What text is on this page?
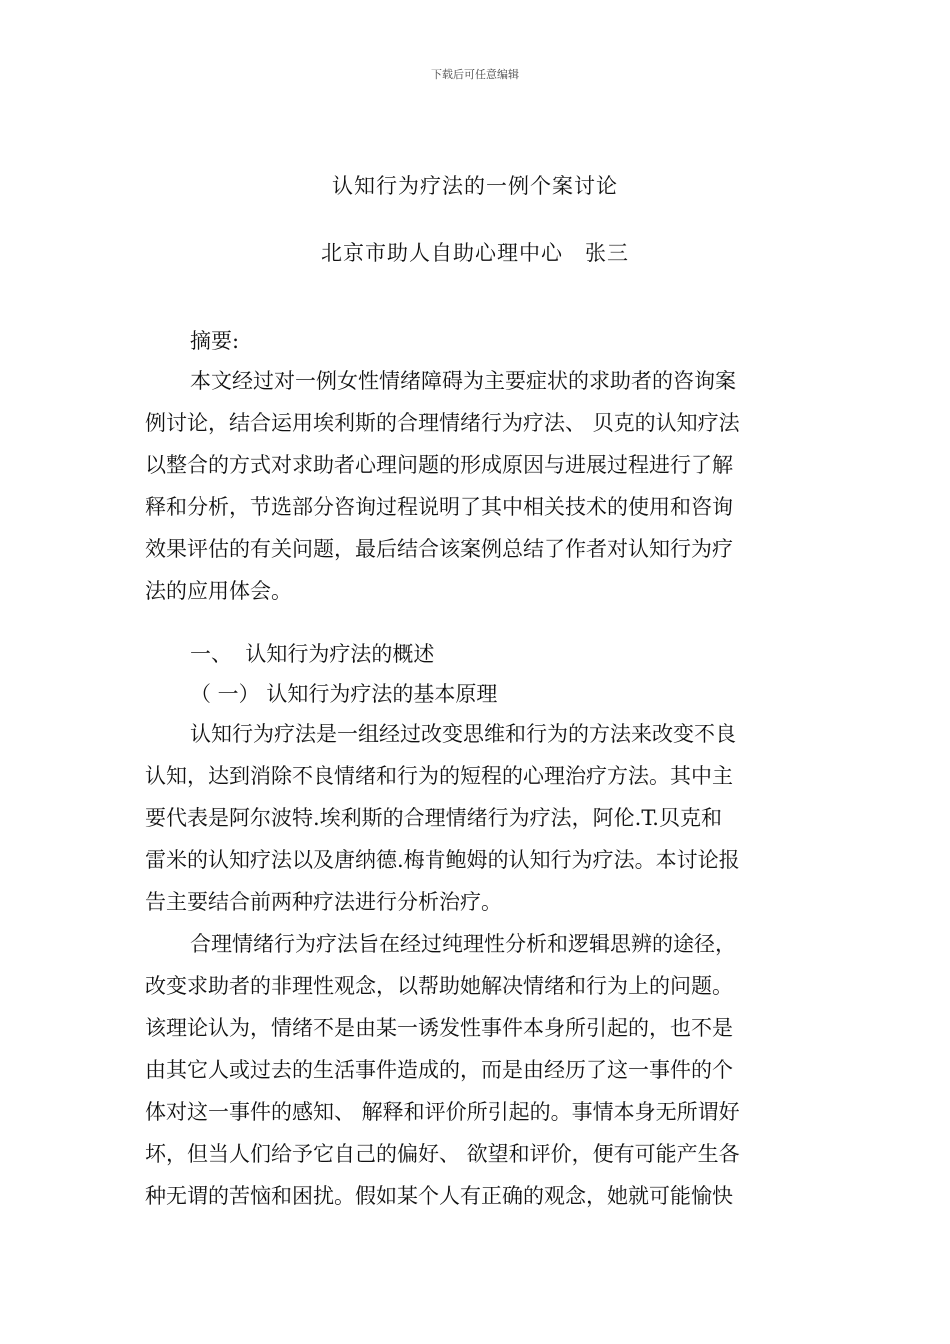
下载后可任意编辑
认知行为疗法的一例个案讨论
北京市助人自助心理中心　张三
摘要:
本文经过对一例女性情绪障碍为主要症状的求助者的咨询案
例讨论，结合运用埃利斯的合理情绪行为疗法、 贝克的认知疗法
以整合的方式对求助者心理问题的形成原因与进展过程进行了解
释和分析，节选部分咨询过程说明了其中相关技术的使用和咨询
效果评估的有关问题，最后结合该案例总结了作者对认知行为疗
法的应用体会。
一、  认知行为疗法的概述
（ 一） 认知行为疗法的基本原理
认知行为疗法是一组经过改变思维和行为的方法来改变不良
认知，达到消除不良情绪和行为的短程的心理治疗方法。其中主
要代表是阿尔波特.埃利斯的合理情绪行为疗法，阿伦.T.贝克和
雷米的认知疗法以及唐纳德.梅肯鲍姆的认知行为疗法。本讨论报
告主要结合前两种疗法进行分析治疗。
合理情绪行为疗法旨在经过纯理性分析和逻辑思辨的途径，
改变求助者的非理性观念，以帮助她解决情绪和行为上的问题。
该理论认为，情绪不是由某一诱发性事件本身所引起的，也不是
由其它人或过去的生活事件造成的，而是由经历了这一事件的个
体对这一事件的感知、 解释和评价所引起的。事情本身无所谓好
坏，但当人们给予它自己的偏好、 欲望和评价，便有可能产生各
种无谓的苦恼和困扰。假如某个人有正确的观念，她就可能愉快
